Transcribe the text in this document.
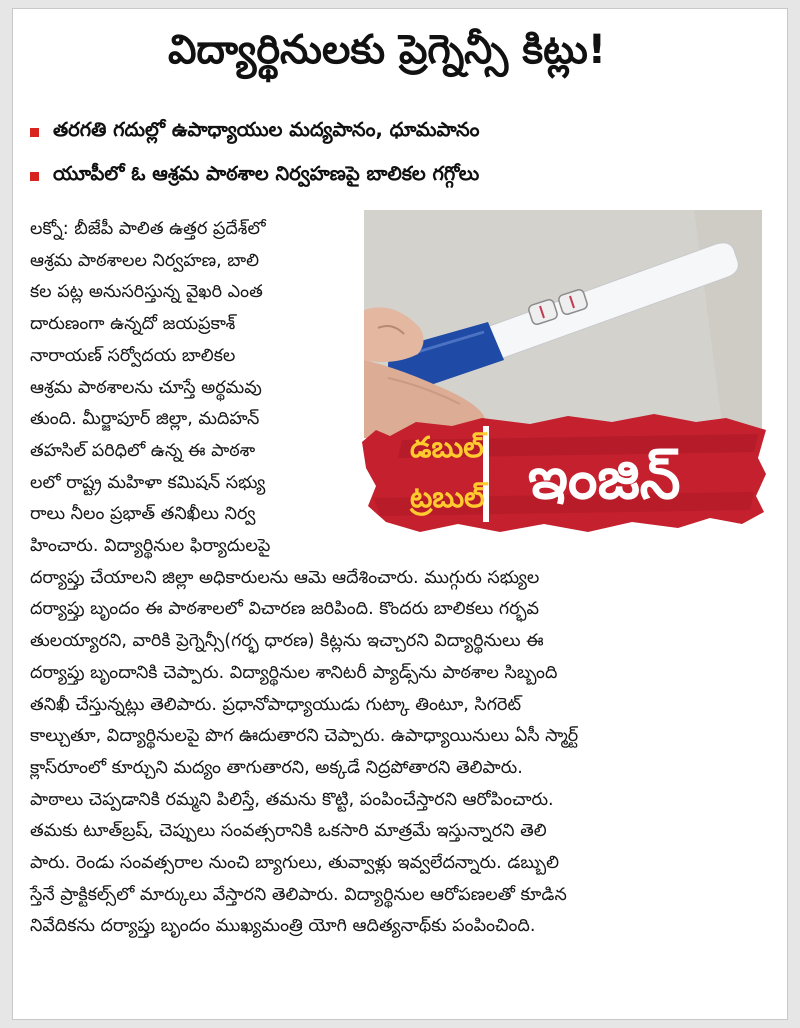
విద్యార్థినులకు ప్రెగ్నెన్సీ కిట్లు!
తరగతి గదుల్లో ఉపాధ్యాయుల మద్యపానం, ధూమపానం
యూపీలో ఓ ఆశ్రమ పాఠశాల నిర్వహణపై బాలికల గగ్గోలు
డబుల్
ట్రబుల్ ఇంజిన్
లక్నో: బీజేపీ పాలిత ఉత్తర ప్రదేశ్‌లో
ఆశ్రమ పాఠశాలల నిర్వహణ, బాలి
కల పట్ల అనుసరిస్తున్న వైఖరి ఎంత
దారుణంగా ఉన్నదో జయప్రకాశ్
నారాయణ్ సర్వోదయ బాలికల
ఆశ్రమ పాఠశాలను చూస్తే అర్థమవు
తుంది. మీర్జాపూర్ జిల్లా, మదిహన్
తహసిల్ పరిధిలో ఉన్న ఈ పాఠశా
లలో రాష్ట్ర మహిళా కమిషన్ సభ్యు
రాలు నీలం ప్రభాత్ తనిఖీలు నిర్వ
హించారు. విద్యార్థినుల ఫిర్యాదులపై
దర్యాప్తు చేయాలని జిల్లా అధికారులను ఆమె ఆదేశించారు. ముగ్గురు సభ్యుల
దర్యాప్తు బృందం ఈ పాఠశాలలో విచారణ జరిపింది. కొందరు బాలికలు గర్భవ
తులయ్యారని, వారికి ప్రెగ్నెన్సీ(గర్భ ధారణ) కిట్లను ఇచ్చారని విద్యార్థినులు ఈ
దర్యాప్తు బృందానికి చెప్పారు. విద్యార్థినుల శానిటరీ ప్యాడ్స్‌ను పాఠశాల సిబ్బంది
తనిఖీ చేస్తున్నట్లు తెలిపారు. ప్రధానోపాధ్యాయుడు గుట్కా తింటూ, సిగరెట్
కాల్చుతూ, విద్యార్థినులపై పొగ ఊదుతారని చెప్పారు. ఉపాధ్యాయినులు ఏసీ స్మార్ట్
క్లాస్‌రూంలో కూర్చుని మద్యం తాగుతారని, అక్కడే నిద్రపోతారని తెలిపారు.
పాఠాలు చెప్పడానికి రమ్మని పిలిస్తే, తమను కొట్టి, పంపించేస్తారని ఆరోపించారు.
తమకు టూత్‌బ్రష్, చెప్పులు సంవత్సరానికి ఒకసారి మాత్రమే ఇస్తున్నారని తెలి
పారు. రెండు సంవత్సరాల నుంచి బ్యాగులు, తువ్వాళ్లు ఇవ్వలేదన్నారు. డబ్బులి
స్తేనే ప్రాక్టికల్స్‌లో మార్కులు వేస్తారని తెలిపారు. విద్యార్థినుల ఆరోపణలతో కూడిన
నివేదికను దర్యాప్తు బృందం ముఖ్యమంత్రి యోగి ఆదిత్యనాథ్‌కు పంపించింది.
